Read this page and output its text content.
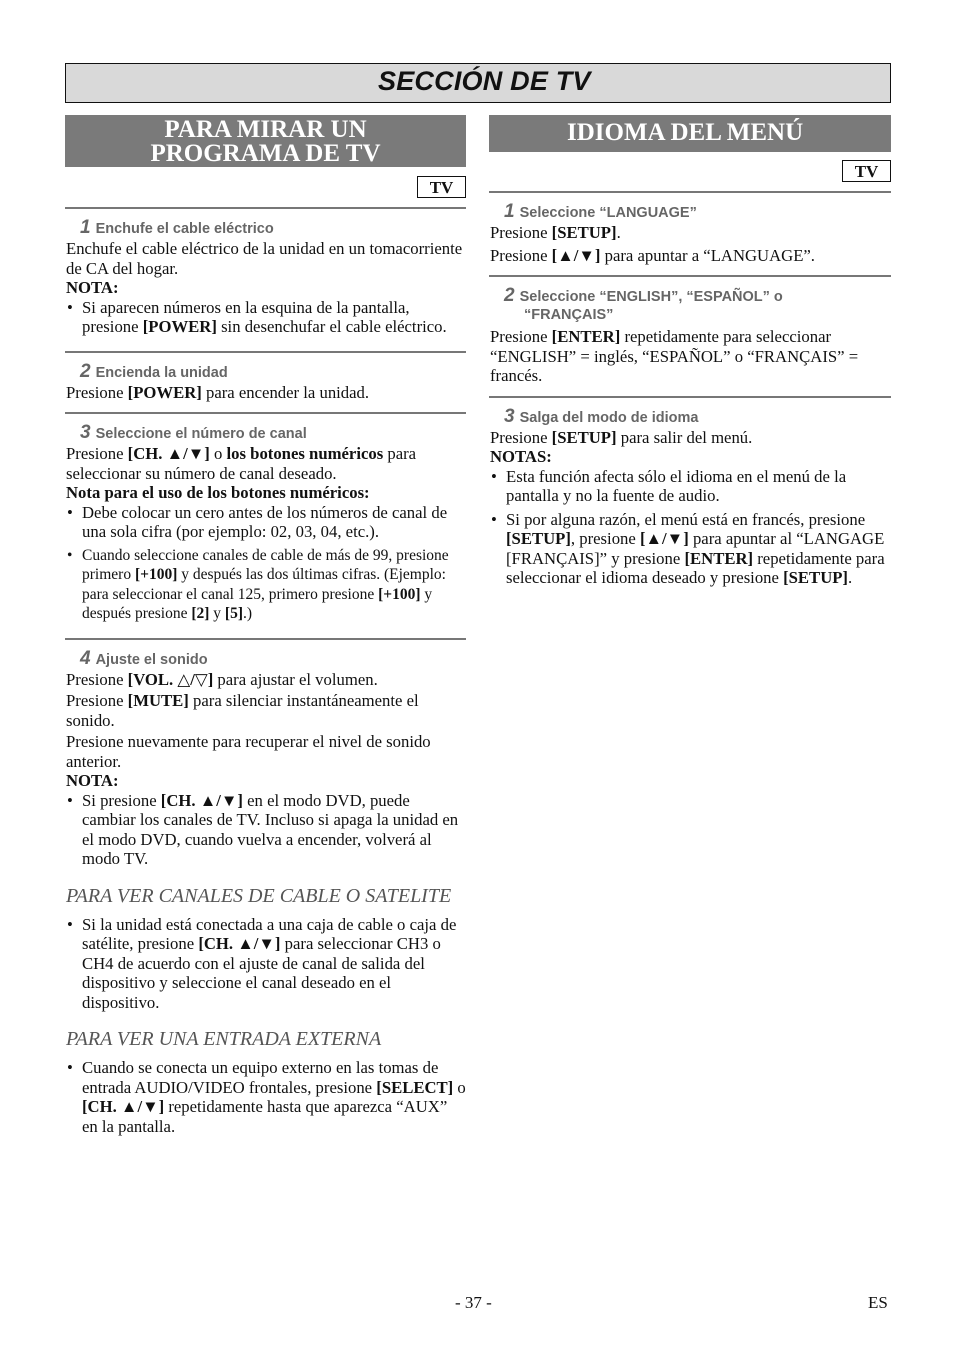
SECCIÓN DE TV
PARA MIRAR UN
PROGRAMA DE TV
TV
1 Enchufe el cable eléctrico

Enchufe el cable eléctrico de la unidad en un tomacorriente de CA del hogar.

NOTA:

• Si aparecen números en la esquina de la pantalla, presione [POWER] sin desenchufar el cable eléctrico.
2 Encienda la unidad

Presione [POWER] para encender la unidad.

3 Seleccione el número de canal

Presione [CH. ▲/▼] o los botones numéricos para seleccionar su número de canal deseado.

Nota para el uso de los botones numéricos:

• Debe colocar un cero antes de los números de canal de una sola cifra (por ejemplo: 02, 03, 04, etc.).
• Cuando seleccione canales de cable de más de 99, presione primero [+100] y después las dos últimas cifras. (Ejemplo: para seleccionar el canal 125, primero presione [+100] y después presione [2] y [5].)
4 Ajuste el sonido

Presione [VOL. △/▽] para ajustar el volumen.

Presione [MUTE] para silenciar instantáneamente el sonido.

Presione nuevamente para recuperar el nivel de sonido anterior.

NOTA:

• Si presione [CH. ▲/▼] en el modo DVD, puede cambiar los canales de TV. Incluso si apaga la unidad en el modo DVD, cuando vuelva a encender, volverá al modo TV.
PARA VER CANALES DE CABLE O SATELITE
• Si la unidad está conectada a una caja de cable o caja de satélite, presione [CH. ▲/▼] para seleccionar CH3 o CH4 de acuerdo con el ajuste de canal de salida del dispositivo y seleccione el canal deseado en el dispositivo.
PARA VER UNA ENTRADA EXTERNA
• Cuando se conecta un equipo externo en las tomas de entrada AUDIO/VIDEO frontales, presione [SELECT] o [CH. ▲/▼] repetidamente hasta que aparezca “AUX” en la pantalla.
IDIOMA DEL MENÚ
TV
1 Seleccione “LANGUAGE”

Presione [SETUP].

Presione [▲/▼] para apuntar a “LANGUAGE”.

2 Seleccione “ENGLISH”, “ESPAÑOL” o
“FRANÇAIS”

Presione [ENTER] repetidamente para seleccionar “ENGLISH” = inglés, “ESPAÑOL” o “FRANÇAIS” = francés.

3 Salga del modo de idioma

Presione [SETUP] para salir del menú.

NOTAS:

• Esta función afecta sólo el idioma en el menú de la pantalla y no la fuente de audio.
• Si por alguna razón, el menú está en francés, presione [SETUP], presione [▲/▼] para apuntar al “LANGAGE [FRANÇAIS]” y presione [ENTER] repetidamente para seleccionar el idioma deseado y presione [SETUP].
- 37 -	ES
